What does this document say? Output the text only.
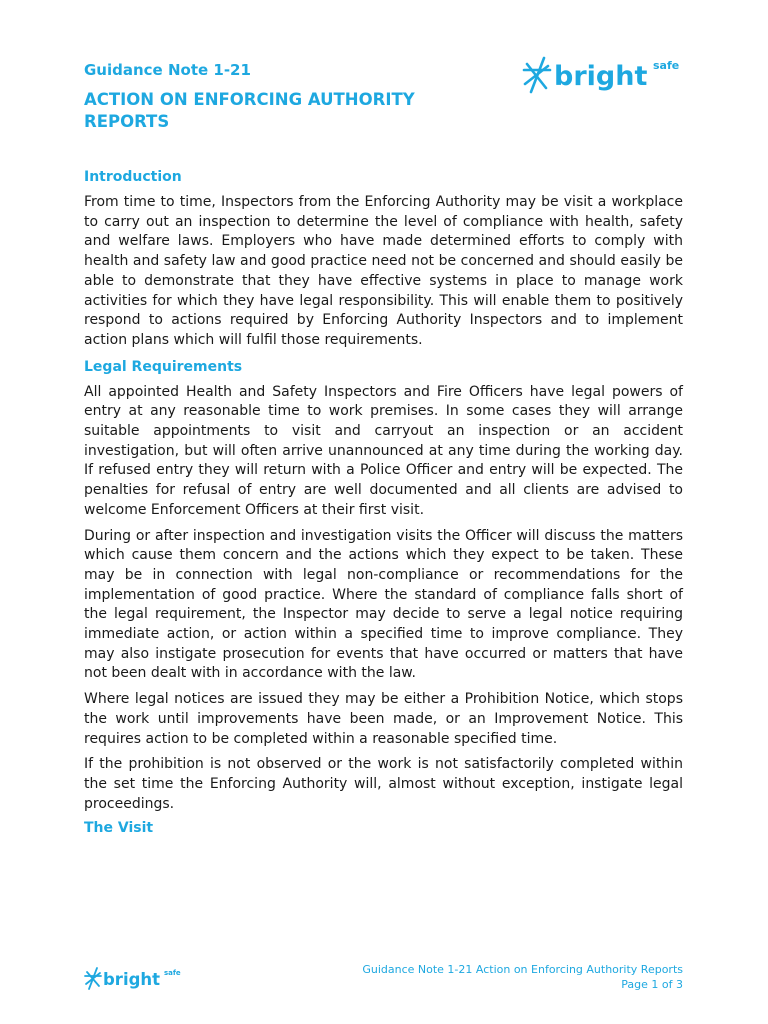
Guidance Note 1-21

ACTION ON ENFORCING AUTHORITY REPORTS
bright safe
Introduction

From time to time, Inspectors from the Enforcing Authority may be visit a workplace to carry out an inspection to determine the level of compliance with health, safety and welfare laws. Employers who have made determined efforts to comply with health and safety law and good practice need not be concerned and should easily be able to demonstrate that they have effective systems in place to manage work activities for which they have legal responsibility. This will enable them to positively respond to actions required by Enforcing Authority Inspectors and to implement action plans which will fulfil those requirements.

Legal Requirements

All appointed Health and Safety Inspectors and Fire Officers have legal powers of entry at any reasonable time to work premises. In some cases they will arrange suitable appointments to visit and carryout an inspection or an accident investigation, but will often arrive unannounced at any time during the working day. If refused entry they will return with a Police Officer and entry will be expected. The penalties for refusal of entry are well documented and all clients are advised to welcome Enforcement Officers at their first visit.

During or after inspection and investigation visits the Officer will discuss the matters which cause them concern and the actions which they expect to be taken. These may be in connection with legal non-compliance or recommendations for the implementation of good practice. Where the standard of compliance falls short of the legal requirement, the Inspector may decide to serve a legal notice requiring immediate action, or action within a specified time to improve compliance. They may also instigate prosecution for events that have occurred or matters that have not been dealt with in accordance with the law.

Where legal notices are issued they may be either a Prohibition Notice, which stops the work until improvements have been made, or an Improvement Notice. This requires action to be completed within a reasonable specified time.

If the prohibition is not observed or the work is not satisfactorily completed within the set time the Enforcing Authority will, almost without exception, instigate legal proceedings.

The Visit
bright safe	Guidance Note 1-21 Action on Enforcing Authority Reports
Page 1 of 3
